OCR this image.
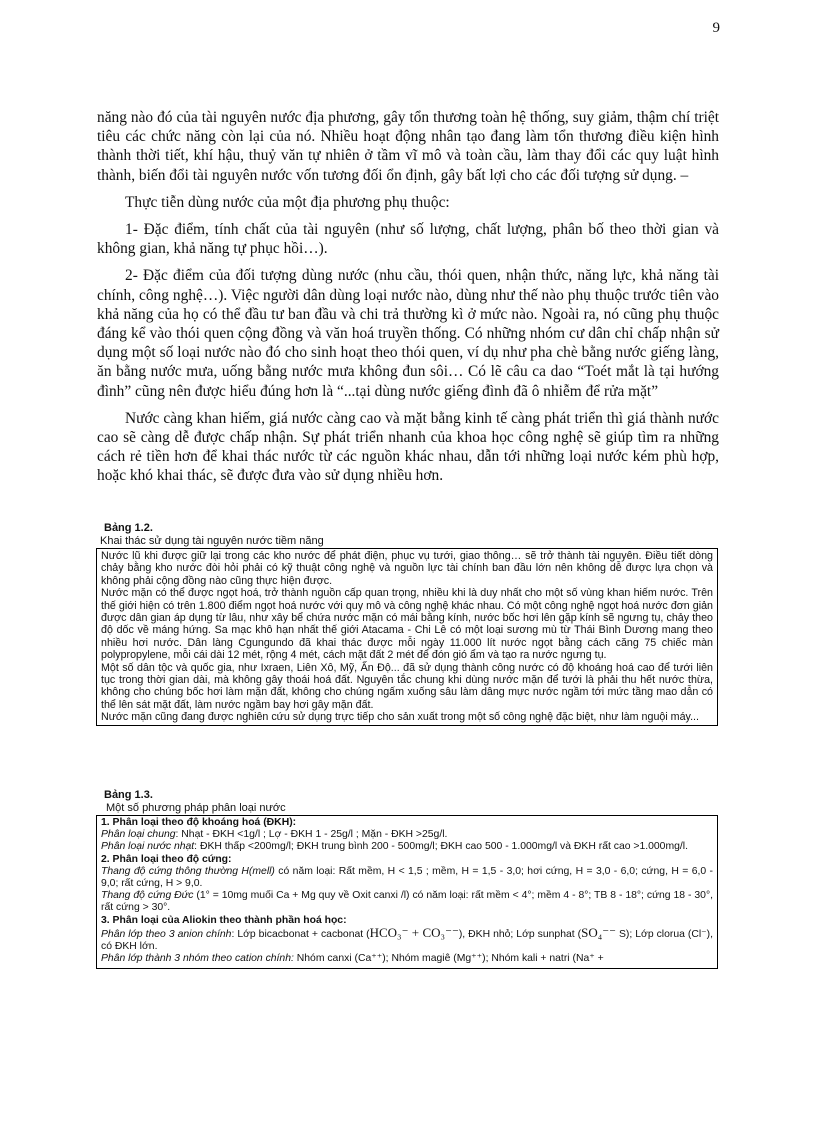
9

năng nào đó của tài nguyên nước địa phương, gây tổn thương toàn hệ thống, suy giảm, thậm chí triệt tiêu các chức năng còn lại của nó. Nhiều hoạt động nhân tạo đang làm tổn thương điều kiện hình thành thời tiết, khí hậu, thuỷ văn tự nhiên ở tầm vĩ mô và toàn cầu, làm thay đổi các quy luật hình thành, biến đổi tài nguyên nước vốn tương đối ổn định, gây bất lợi cho các đối tượng sử dụng. –

Thực tiễn dùng nước của một địa phương phụ thuộc:

1- Đặc điểm, tính chất của tài nguyên (như số lượng, chất lượng, phân bố theo thời gian và không gian, khả năng tự phục hồi…).

2- Đặc điểm của đối tượng dùng nước (nhu cầu, thói quen, nhận thức, năng lực, khả năng tài chính, công nghệ…). Việc người dân dùng loại nước nào, dùng như thế nào phụ thuộc trước tiên vào khả năng của họ có thể đầu tư ban đầu và chi trả thường kì ở mức nào. Ngoài ra, nó cũng phụ thuộc đáng kể vào thói quen cộng đồng và văn hoá truyền thống. Có những nhóm cư dân chỉ chấp nhận sử dụng một số loại nước nào đó cho sinh hoạt theo thói quen, ví dụ như pha chè bằng nước giếng làng, ăn bằng nước mưa, uống bằng nước mưa không đun sôi… Có lẽ câu ca dao “Toét mắt là tại hướng đình” cũng nên được hiểu đúng hơn là “...tại dùng nước giếng đình đã ô nhiễm để rửa mặt”

Nước càng khan hiếm, giá nước càng cao và mặt bằng kinh tế càng phát triển thì giá thành nước cao sẽ càng dễ được chấp nhận. Sự phát triển nhanh của khoa học công nghệ sẽ giúp tìm ra những cách rẻ tiền hơn để khai thác nước từ các nguồn khác nhau, dẫn tới những loại nước kém phù hợp, hoặc khó khai thác, sẽ được đưa vào sử dụng nhiều hơn.

Bảng 1.2.
Khai thác sử dụng tài nguyên nước tiềm năng

Nước lũ khi được giữ lại trong các kho nước để phát điện, phục vụ tưới, giao thông… sẽ trở thành tài nguyên. Điều tiết dòng chảy bằng kho nước đòi hỏi phải có kỹ thuật công nghệ và nguồn lực tài chính ban đầu lớn nên không dễ được lựa chọn và không phải cộng đồng nào cũng thực hiện được.

Nước mặn có thể được ngọt hoá, trở thành nguồn cấp quan trọng, nhiều khi là duy nhất cho một số vùng khan hiếm nước. Trên thế giới hiện có trên 1.800 điểm ngọt hoá nước với quy mô và công nghệ khác nhau. Có một công nghệ ngọt hoá nước đơn giản được dân gian áp dụng từ lâu, như xây bể chứa nước mặn có mái bằng kính, nước bốc hơi lên gặp kính sẽ ngưng tụ, chảy theo độ dốc về máng hứng. Sa mạc khô hạn nhất thế giới Atacama - Chi Lê có một loại sương mù từ Thái Bình Dương mang theo nhiều hơi nước. Dân làng Cgungundo đã khai thác được mỗi ngày 11.000 lít nước ngọt bằng cách căng 75 chiếc màn polypropylene, mỗi cái dài 12 mét, rộng 4 mét, cách mặt đất 2 mét để đón gió ẩm và tạo ra nước ngưng tụ.

Một số dân tộc và quốc gia, như Ixraen, Liên Xô, Mỹ, Ấn Độ... đã sử dụng thành công nước có độ khoáng hoá cao để tưới liên tục trong thời gian dài, mà không gây thoái hoá đất. Nguyên tắc chung khi dùng nước mặn để tưới là phải thu hết nước thừa, không cho chúng bốc hơi làm mặn đất, không cho chúng ngấm xuống sâu làm dâng mực nước ngầm tới mức tầng mao dẫn có thể lên sát mặt đất, làm nước ngầm bay hơi gây mặn đất.

Nước mặn cũng đang được nghiên cứu sử dụng trực tiếp cho sản xuất trong một số công nghệ đặc biệt, như làm nguội máy...

Bảng 1.3.
Một số phương pháp phân loại nước

1. Phân loại theo độ khoáng hoá (ĐKH):

Phân loại chung: Nhạt - ĐKH <1g/l ; Lợ - ĐKH 1 - 25g/l ; Mặn - ĐKH >25g/l.

Phân loại nước nhạt: ĐKH thấp <200mg/l; ĐKH trung bình 200 - 500mg/l; ĐKH cao 500 - 1.000mg/l và ĐKH rất cao >1.000mg/l.

2. Phân loại theo độ cứng:

Thang độ cứng thông thường H(mell) có năm loại: Rất mềm, H < 1,5 ; mềm, H = 1,5 - 3,0; hơi cứng, H = 3,0 - 6,0; cứng, H = 6,0 - 9,0; rất cứng, H > 9,0.

Thang độ cứng Đức (1° = 10mg muối Ca + Mg quy về Oxit canxi /l) có năm loại: rất mềm < 4°; mềm 4 - 8°; TB 8 - 18°; cứng 18 - 30°, rất cứng > 30°.

3. Phân loại của Aliokin theo thành phần hoá học:

Phân lớp theo 3 anion chính: Lớp bicacbonat + cacbonat (HCO₃⁻ + CO₃⁻⁻), ĐKH nhỏ; Lớp sunphat (SO₄⁻⁻ S); Lớp clorua (Cl⁻), có ĐKH lớn.

Phân lớp thành 3 nhóm theo cation chính: Nhóm canxi (Ca⁺⁺); Nhóm magiê (Mg⁺⁺); Nhóm kali + natri (Na⁺ +
